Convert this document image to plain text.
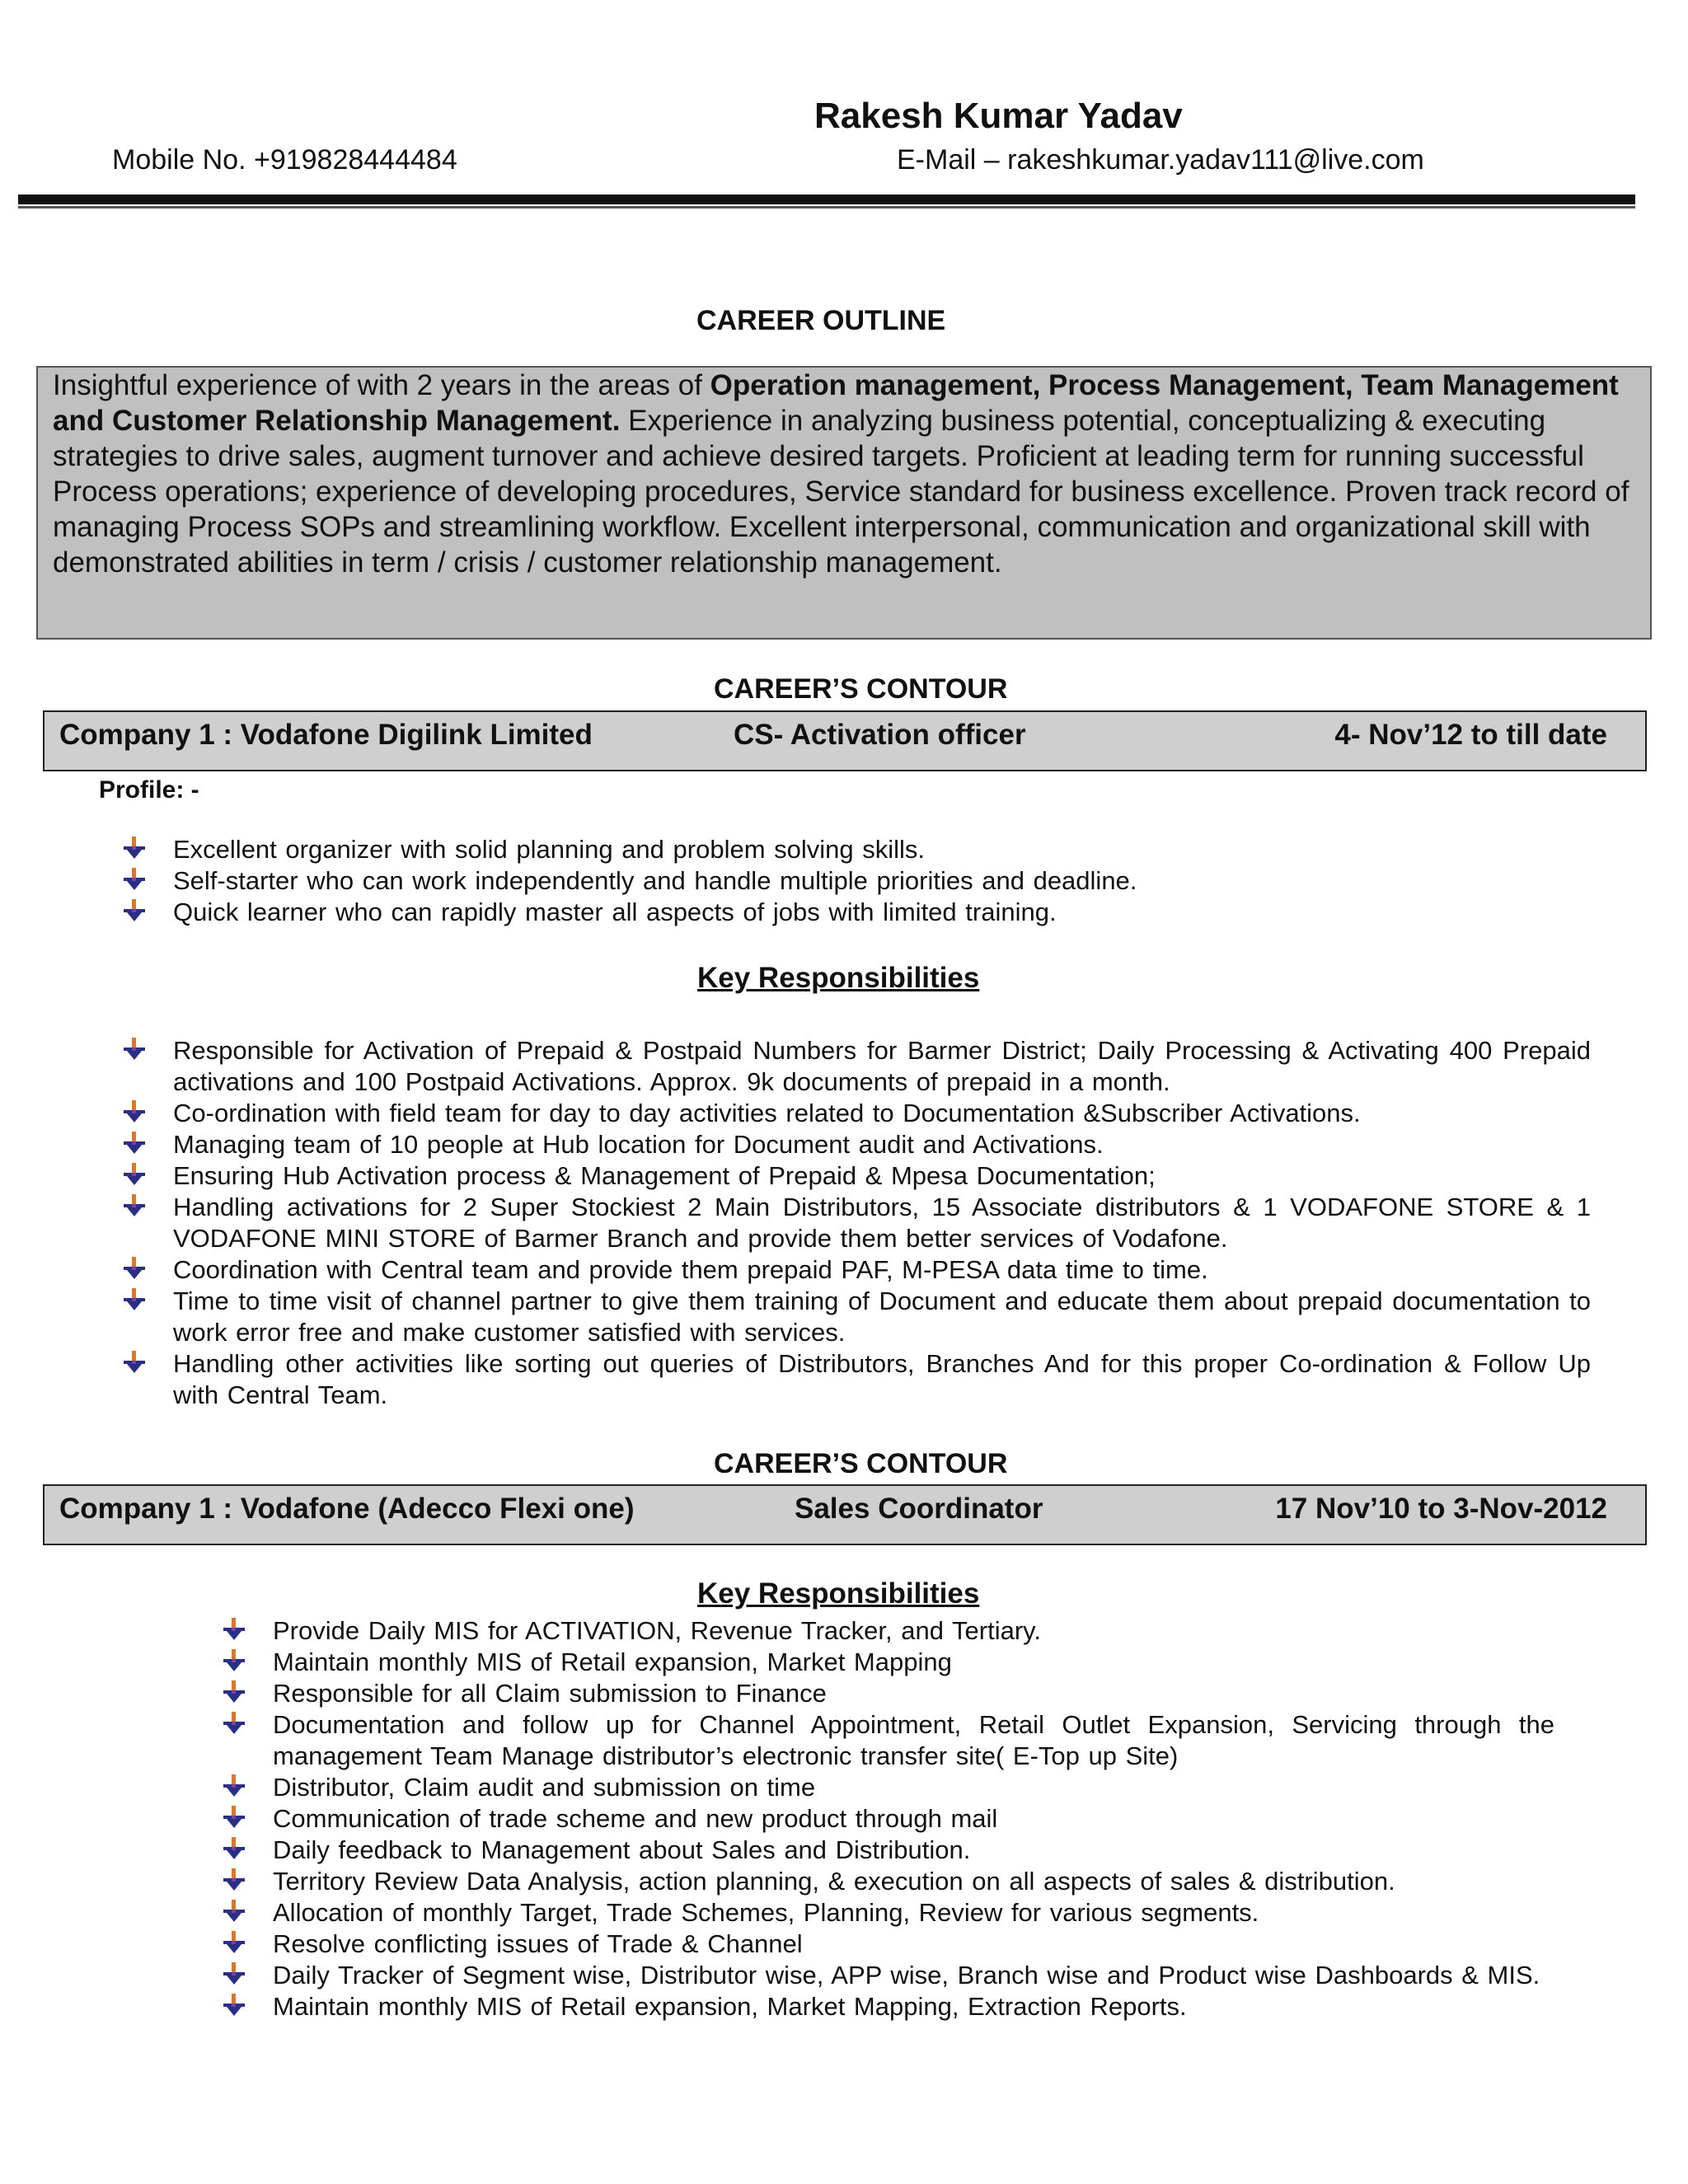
Rakesh Kumar Yadav
Mobile No. +919828444484	E-Mail – rakeshkumar.yadav111@live.com
CAREER OUTLINE
Insightful experience of with 2 years in the areas of Operation management, Process Management, Team Management and Customer Relationship Management. Experience in analyzing business potential, conceptualizing & executing strategies to drive sales, augment turnover and achieve desired targets. Proficient at leading term for running successful Process operations; experience of developing procedures, Service standard for business excellence. Proven track record of managing Process SOPs and streamlining workflow. Excellent interpersonal, communication and organizational skill with demonstrated abilities in term / crisis / customer relationship management.
CAREER’S CONTOUR
Company 1 : Vodafone Digilink Limited	CS- Activation officer	4- Nov’12 to till date
Profile: -
Excellent organizer with solid planning and problem solving skills.
Self-starter who can work independently and handle multiple priorities and deadline.
Quick learner who can rapidly master all aspects of jobs with limited training.
Key Responsibilities
Responsible for Activation of Prepaid & Postpaid Numbers for Barmer District; Daily Processing & Activating 400 Prepaid activations and 100 Postpaid Activations. Approx. 9k documents of prepaid in a month.
Co-ordination with field team for day to day activities related to Documentation &Subscriber Activations.
Managing team of 10 people at Hub location for Document audit and Activations.
Ensuring Hub Activation process & Management of Prepaid & Mpesa Documentation;
Handling activations for 2 Super Stockiest 2 Main Distributors, 15 Associate distributors & 1 VODAFONE STORE & 1 VODAFONE MINI STORE of Barmer Branch and provide them better services of Vodafone.
Coordination with Central team and provide them prepaid PAF, M-PESA data time to time.
Time to time visit of channel partner to give them training of Document and educate them about prepaid documentation to work error free and make customer satisfied with services.
Handling other activities like sorting out queries of Distributors, Branches And for this proper Co-ordination & Follow Up with Central Team.
CAREER’S CONTOUR
Company 1 : Vodafone (Adecco Flexi one)	Sales Coordinator	17 Nov’10 to 3-Nov-2012
Key Responsibilities
Provide Daily MIS for ACTIVATION, Revenue Tracker, and Tertiary.
Maintain monthly MIS of Retail expansion, Market Mapping
Responsible for all Claim submission to Finance
Documentation and follow up for Channel Appointment, Retail Outlet Expansion, Servicing through the management Team Manage distributor’s electronic transfer site( E-Top up Site)
Distributor, Claim audit and submission on time
Communication of trade scheme and new product through mail
Daily feedback to Management about Sales and Distribution.
Territory Review Data Analysis, action planning, & execution on all aspects of sales & distribution.
Allocation of monthly Target, Trade Schemes, Planning, Review for various segments.
Resolve conflicting issues of Trade & Channel
Daily Tracker of Segment wise, Distributor wise, APP wise, Branch wise and Product wise Dashboards & MIS.
Maintain monthly MIS of Retail expansion, Market Mapping, Extraction Reports.
